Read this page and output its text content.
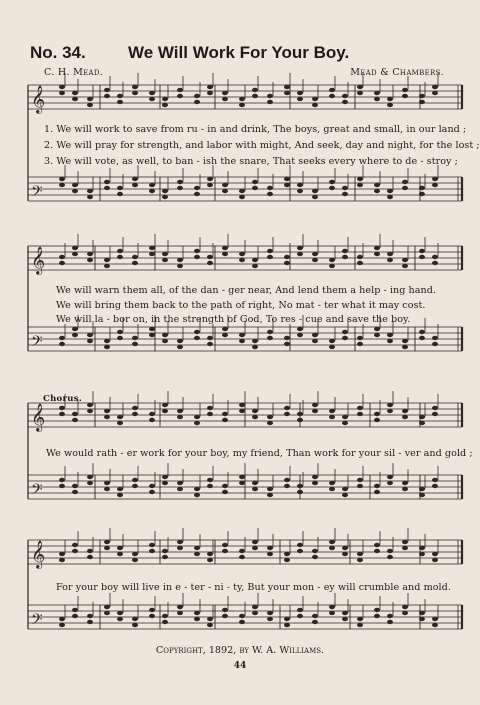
No. 34. We Will Work For Your Boy.
C. H. Mead.	Mead & Chambers.
𝄞
𝄢
𝄞
𝄢
𝄞
𝄢
𝄞
𝄢
1. We will work to save from ru - in and drink, The boys, great and small, in our land ;
2. We will pray for strength, and labor with might, And seek, day and night, for the lost ;
3. We will vote, as well, to ban - ish the snare, That seeks every where to de - stroy ;
We will warn them all, of the dan - ger near, And lend them a help - ing hand.
We will bring them back to the path of right, No mat - ter what it may cost.
We will la - bor on, in the strength of God, To res - cue and save the boy.
Chorus.
We would rath - er work for your boy, my friend, Than work for your sil - ver and gold ;
For your boy will live in e - ter - ni - ty, But your mon - ey will crumble and mold.
Copyright, 1892, by W. A. Williams.
44
